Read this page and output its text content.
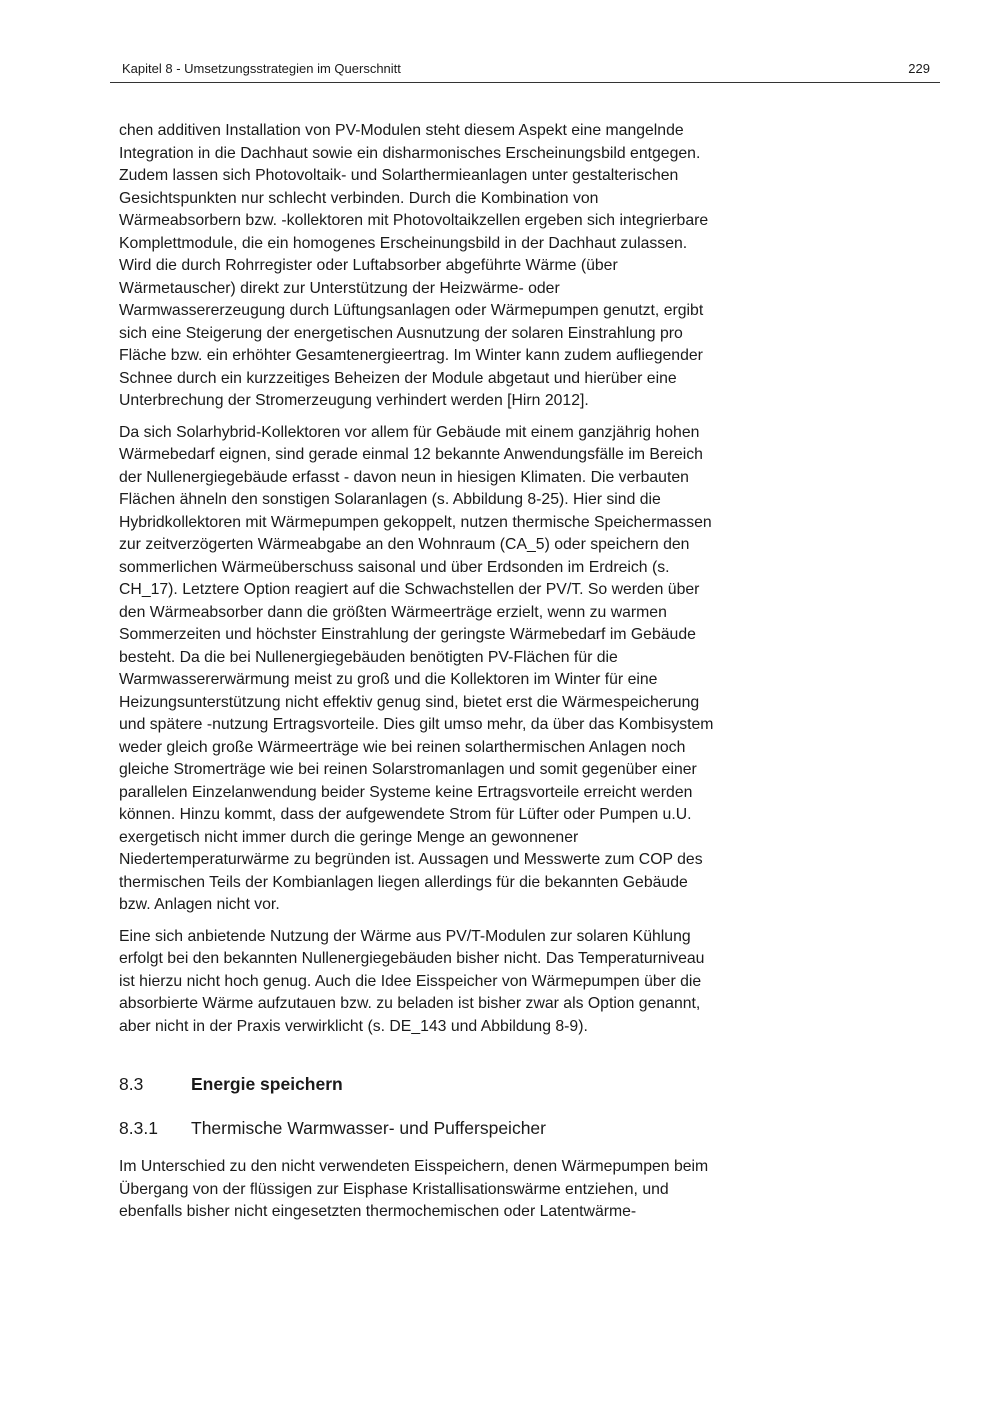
Kapitel 8 - Umsetzungsstrategien im Querschnitt	229

chen additiven Installation von PV-Modulen steht diesem Aspekt eine mangelnde Integration in die Dachhaut sowie ein disharmonisches Erscheinungsbild entgegen. Zudem lassen sich Photovoltaik- und Solarthermieanlagen unter gestalterischen Gesichtspunkten nur schlecht verbinden. Durch die Kombination von Wärmeabsorbern bzw. -kollektoren mit Photovoltaikzellen ergeben sich integrierbare Komplettmodule, die ein homogenes Erscheinungsbild in der Dachhaut zulassen. Wird die durch Rohrregister oder Luftabsorber abgeführte Wärme (über Wärmetauscher) direkt zur Unterstützung der Heizwärme- oder Warmwassererzeugung durch Lüftungsanlagen oder Wärmepumpen genutzt, ergibt sich eine Steigerung der energetischen Ausnutzung der solaren Einstrahlung pro Fläche bzw. ein erhöhter Gesamtenergieertrag. Im Winter kann zudem aufliegender Schnee durch ein kurzzeitiges Beheizen der Module abgetaut und hierüber eine Unterbrechung der Stromerzeugung verhindert werden [Hirn 2012].

Da sich Solarhybrid-Kollektoren vor allem für Gebäude mit einem ganzjährig hohen Wärmebedarf eignen, sind gerade einmal 12 bekannte Anwendungsfälle im Bereich der Nullenergiegebäude erfasst - davon neun in hiesigen Klimaten. Die verbauten Flächen ähneln den sonstigen Solaranlagen (s. Abbildung 8-25). Hier sind die Hybridkollektoren mit Wärmepumpen gekoppelt, nutzen thermische Speichermassen zur zeitverzögerten Wärmeabgabe an den Wohnraum (CA_5) oder speichern den sommerlichen Wärmeüberschuss saisonal und über Erdsonden im Erdreich (s. CH_17). Letztere Option reagiert auf die Schwachstellen der PV/T. So werden über den Wärmeabsorber dann die größten Wärmeerträge erzielt, wenn zu warmen Sommerzeiten und höchster Einstrahlung der geringste Wärmebedarf im Gebäude besteht. Da die bei Nullenergiegebäuden benötigten PV-Flächen für die Warmwassererwärmung meist zu groß und die Kollektoren im Winter für eine Heizungsunterstützung nicht effektiv genug sind, bietet erst die Wärmespeicherung und spätere -nutzung Ertragsvorteile. Dies gilt umso mehr, da über das Kombisystem weder gleich große Wärmeerträge wie bei reinen solarthermischen Anlagen noch gleiche Stromerträge wie bei reinen Solarstromanlagen und somit gegenüber einer parallelen Einzelanwendung beider Systeme keine Ertragsvorteile erreicht werden können. Hinzu kommt, dass der aufgewendete Strom für Lüfter oder Pumpen u.U. exergetisch nicht immer durch die geringe Menge an gewonnener Niedertemperaturwärme zu begründen ist. Aussagen und Messwerte zum COP des thermischen Teils der Kombianlagen liegen allerdings für die bekannten Gebäude bzw. Anlagen nicht vor.

Eine sich anbietende Nutzung der Wärme aus PV/T-Modulen zur solaren Kühlung erfolgt bei den bekannten Nullenergiegebäuden bisher nicht. Das Temperaturniveau ist hierzu nicht hoch genug. Auch die Idee Eisspeicher von Wärmepumpen über die absorbierte Wärme aufzutauen bzw. zu beladen ist bisher zwar als Option genannt, aber nicht in der Praxis verwirklicht (s. DE_143 und Abbildung 8-9).

8.3	Energie speichern
8.3.1	Thermische Warmwasser- und Pufferspeicher

Im Unterschied zu den nicht verwendeten Eisspeichern, denen Wärmepumpen beim Übergang von der flüssigen zur Eisphase Kristallisationswärme entziehen, und ebenfalls bisher nicht eingesetzten thermochemischen oder Latentwärme-
